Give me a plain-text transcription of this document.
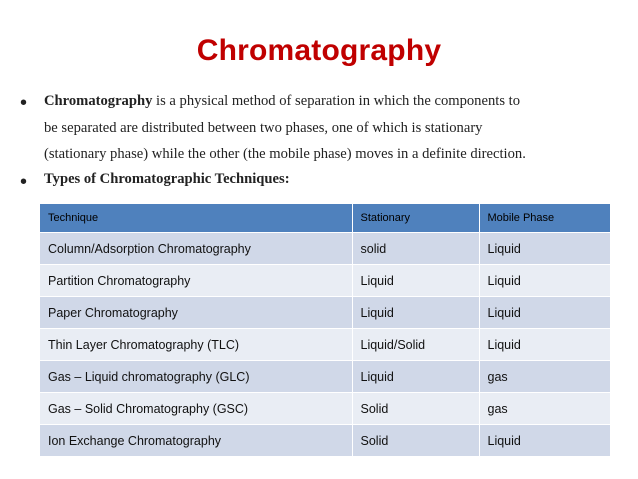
Chromatography
• Chromatography is a physical method of separation in which the components to
be separated are distributed between two phases, one of which is stationary
(stationary phase) while the other (the mobile phase) moves in a definite direction.
• Types of Chromatographic Techniques:
Technique	Stationary	Mobile Phase
Column/Adsorption Chromatography	solid	Liquid
Partition Chromatography	Liquid	Liquid
Paper Chromatography	Liquid	Liquid
Thin Layer Chromatography (TLC)	Liquid/Solid	Liquid
Gas – Liquid chromatography (GLC)	Liquid	gas
Gas – Solid Chromatography (GSC)	Solid	gas
Ion Exchange Chromatography	Solid	Liquid
